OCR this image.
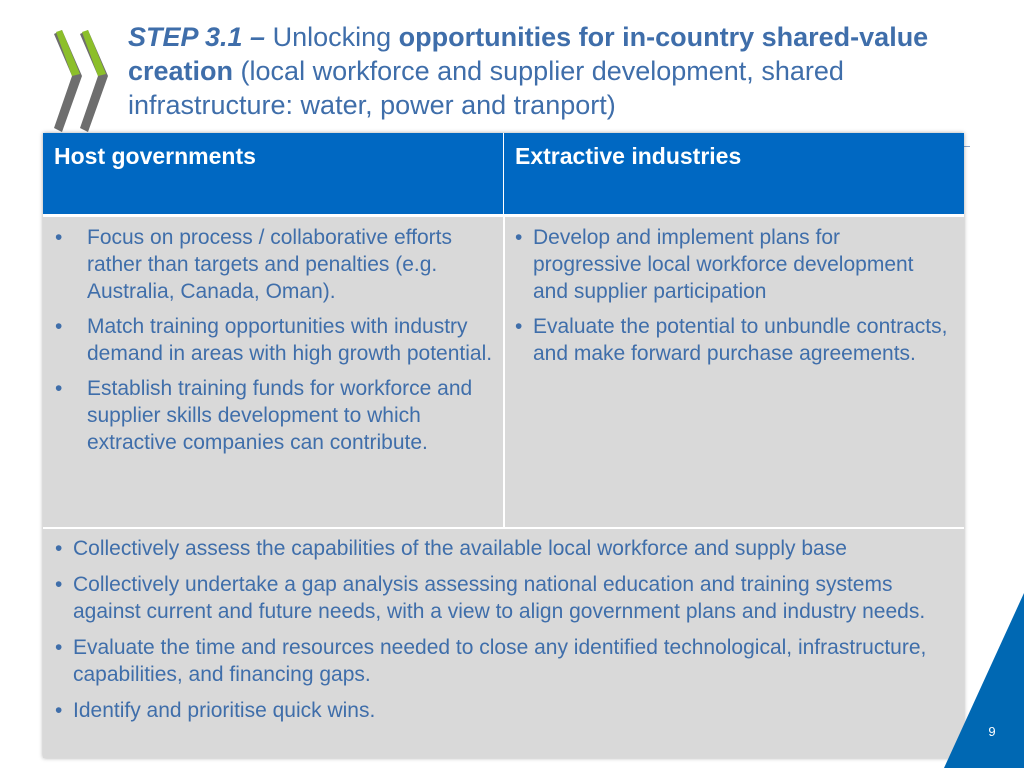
STEP 3.1 – Unlocking opportunities for in-country shared-value creation (local workforce and supplier development, shared infrastructure: water, power and tranport)
Host governments	Extractive industries
• Focus on process / collaborative efforts rather than targets and penalties (e.g. Australia, Canada, Oman).
• Match training opportunities with industry demand in areas with high growth potential.
• Establish training funds for workforce and supplier skills development to which extractive companies can contribute.
• Develop and implement plans for progressive local workforce development and supplier participation
• Evaluate the potential to unbundle contracts, and make forward purchase agreements.
• Collectively assess the capabilities of the available local workforce and supply base
• Collectively undertake a gap analysis assessing national education and training systems against current and future needs, with a view to align government plans and industry needs.
• Evaluate the time and resources needed to close any identified technological, infrastructure, capabilities, and financing gaps.
• Identify and prioritise quick wins.
9
